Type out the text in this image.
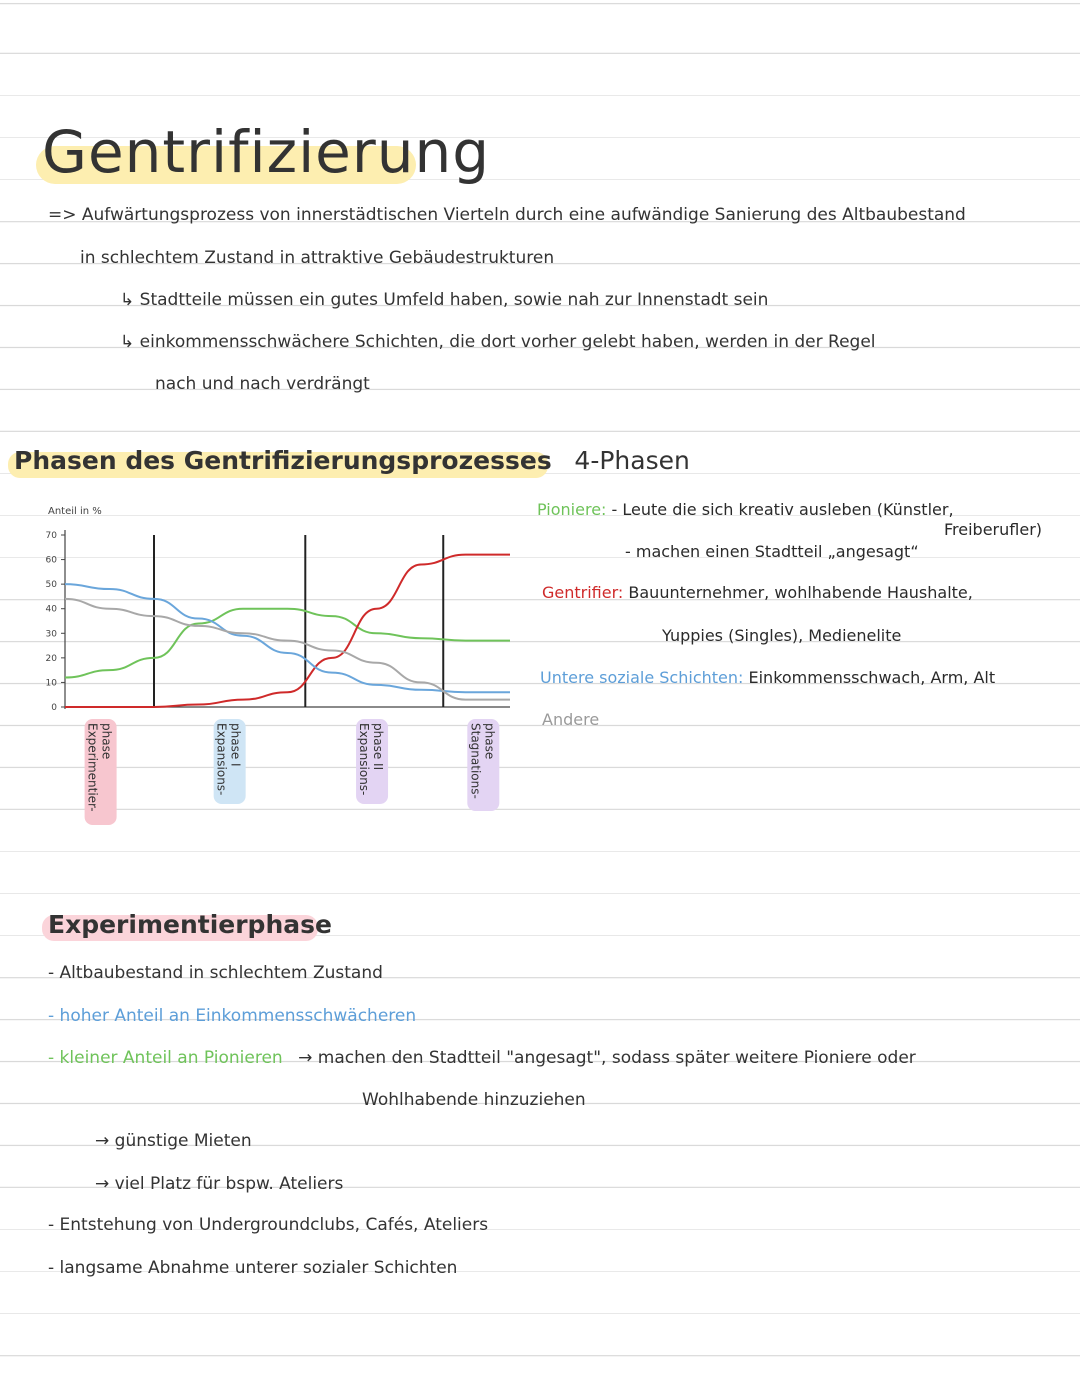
Gentrifizierung
=> Aufwärtungsprozess von innerstädtischen Vierteln durch eine aufwändige Sanierung des Altbaubestand
in schlechtem Zustand in attraktive Gebäudestrukturen
↳ Stadtteile müssen ein gutes Umfeld haben, sowie nah zur Innenstadt sein
↳ einkommensschwächere Schichten, die dort vorher gelebt haben, werden in der Regel
nach und nach verdrängt
Phasen des Gentrifizierungsprozesses 4-Phasen
Anteil in %
70
60
50
40
30
20
10
0
Experimentier- phase	Expansions- phase I	Expansions- phase II	Stagnations- phase
Pioniere: - Leute die sich kreativ ausleben (Künstler,
Freiberufler)
- machen einen Stadtteil „angesagt“
Gentrifier: Bauunternehmer, wohlhabende Haushalte,
Yuppies (Singles), Medienelite
Untere soziale Schichten: Einkommensschwach, Arm, Alt
Andere
Experimentierphase
- Altbaubestand in schlechtem Zustand
- hoher Anteil an Einkommensschwächeren
- kleiner Anteil an Pionieren → machen den Stadtteil "angesagt", sodass später weitere Pioniere oder
Wohlhabende hinzuziehen
→ günstige Mieten
→ viel Platz für bspw. Ateliers
- Entstehung von Undergroundclubs, Cafés, Ateliers
- langsame Abnahme unterer sozialer Schichten
